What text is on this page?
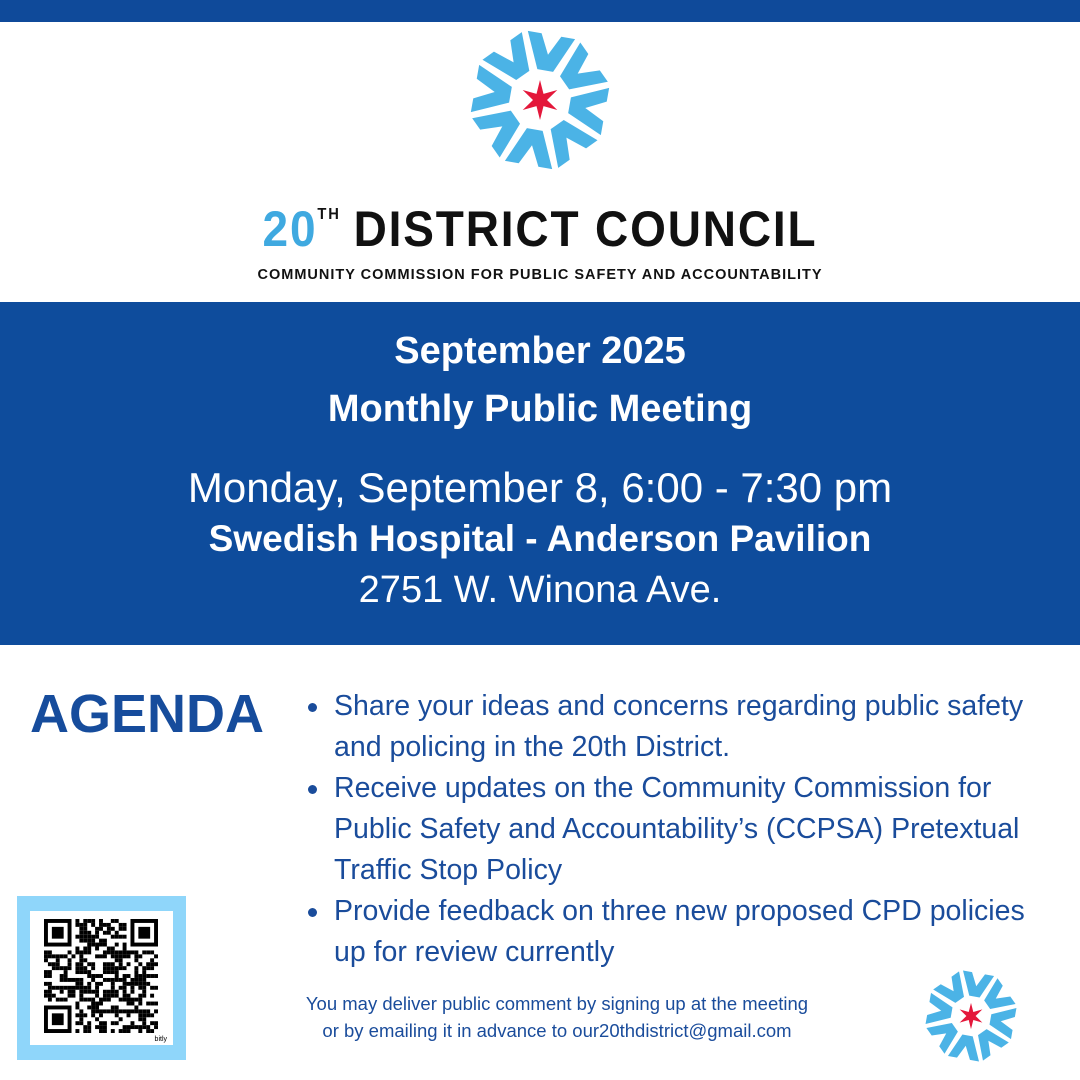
20TH DISTRICT COUNCIL
COMMUNITY COMMISSION FOR PUBLIC SAFETY AND ACCOUNTABILITY
September 2025
Monthly Public Meeting
Monday, September 8, 6:00 - 7:30 pm
Swedish Hospital - Anderson Pavilion
2751 W. Winona Ave.
AGENDA	Share your ideas and concerns regarding public safety and policing in the 20th District.
Receive updates on the Community Commission for Public Safety and Accountability’s (CCPSA) Pretextual Traffic Stop Policy
Provide feedback on three new proposed CPD policies up for review currently
bitly
You may deliver public comment by signing up at the meeting
or by emailing it in advance to our20thdistrict@gmail.com
